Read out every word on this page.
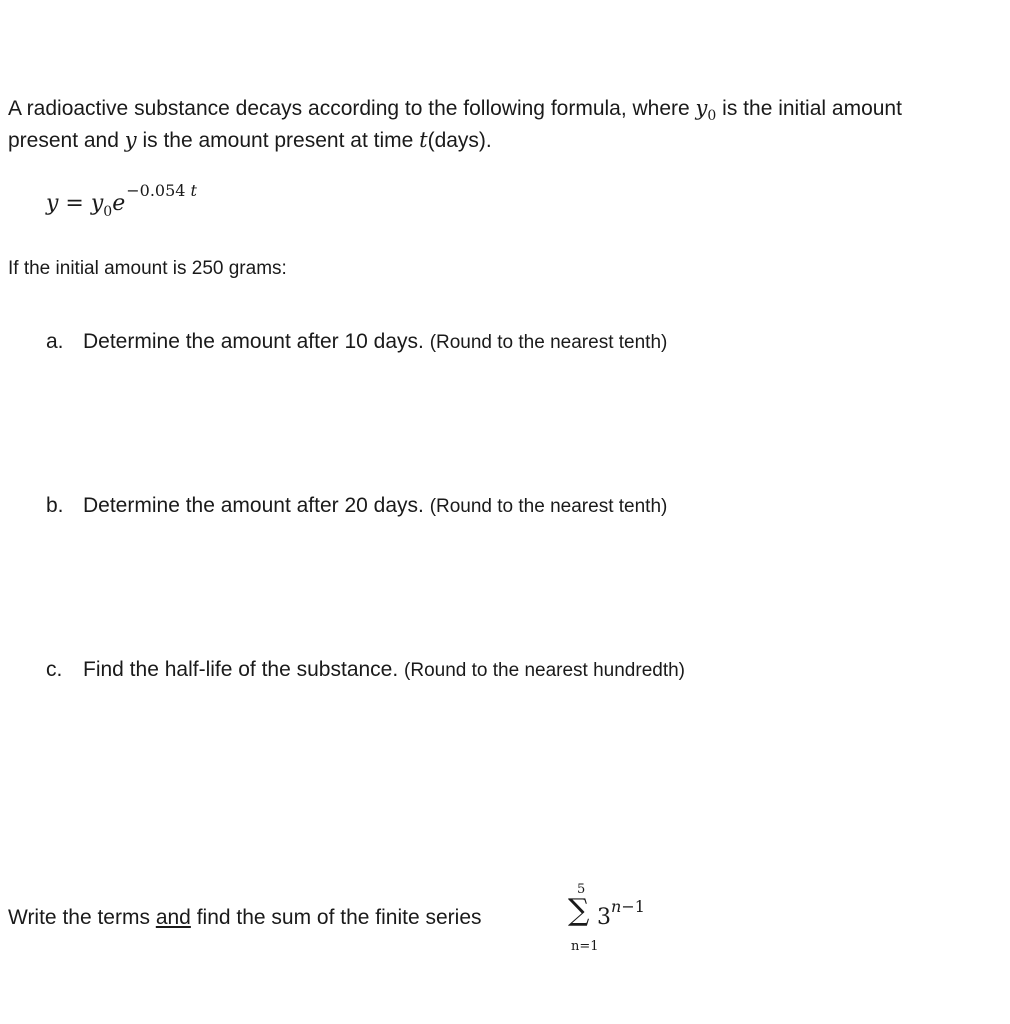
A radioactive substance decays according to the following formula, where $y_0$ is the initial amount
present and y is the amount present at time t(days).
$y = y_0e^{-0.054 t}$
If the initial amount is 250 grams:
a. Determine the amount after 10 days. (Round to the nearest tenth)
b. Determine the amount after 20 days. (Round to the nearest tenth)
c. Find the half-life of the substance. (Round to the nearest hundredth)
Write the terms and find the sum of the finite series
5
∑
n=1
$3^{n-1}$
